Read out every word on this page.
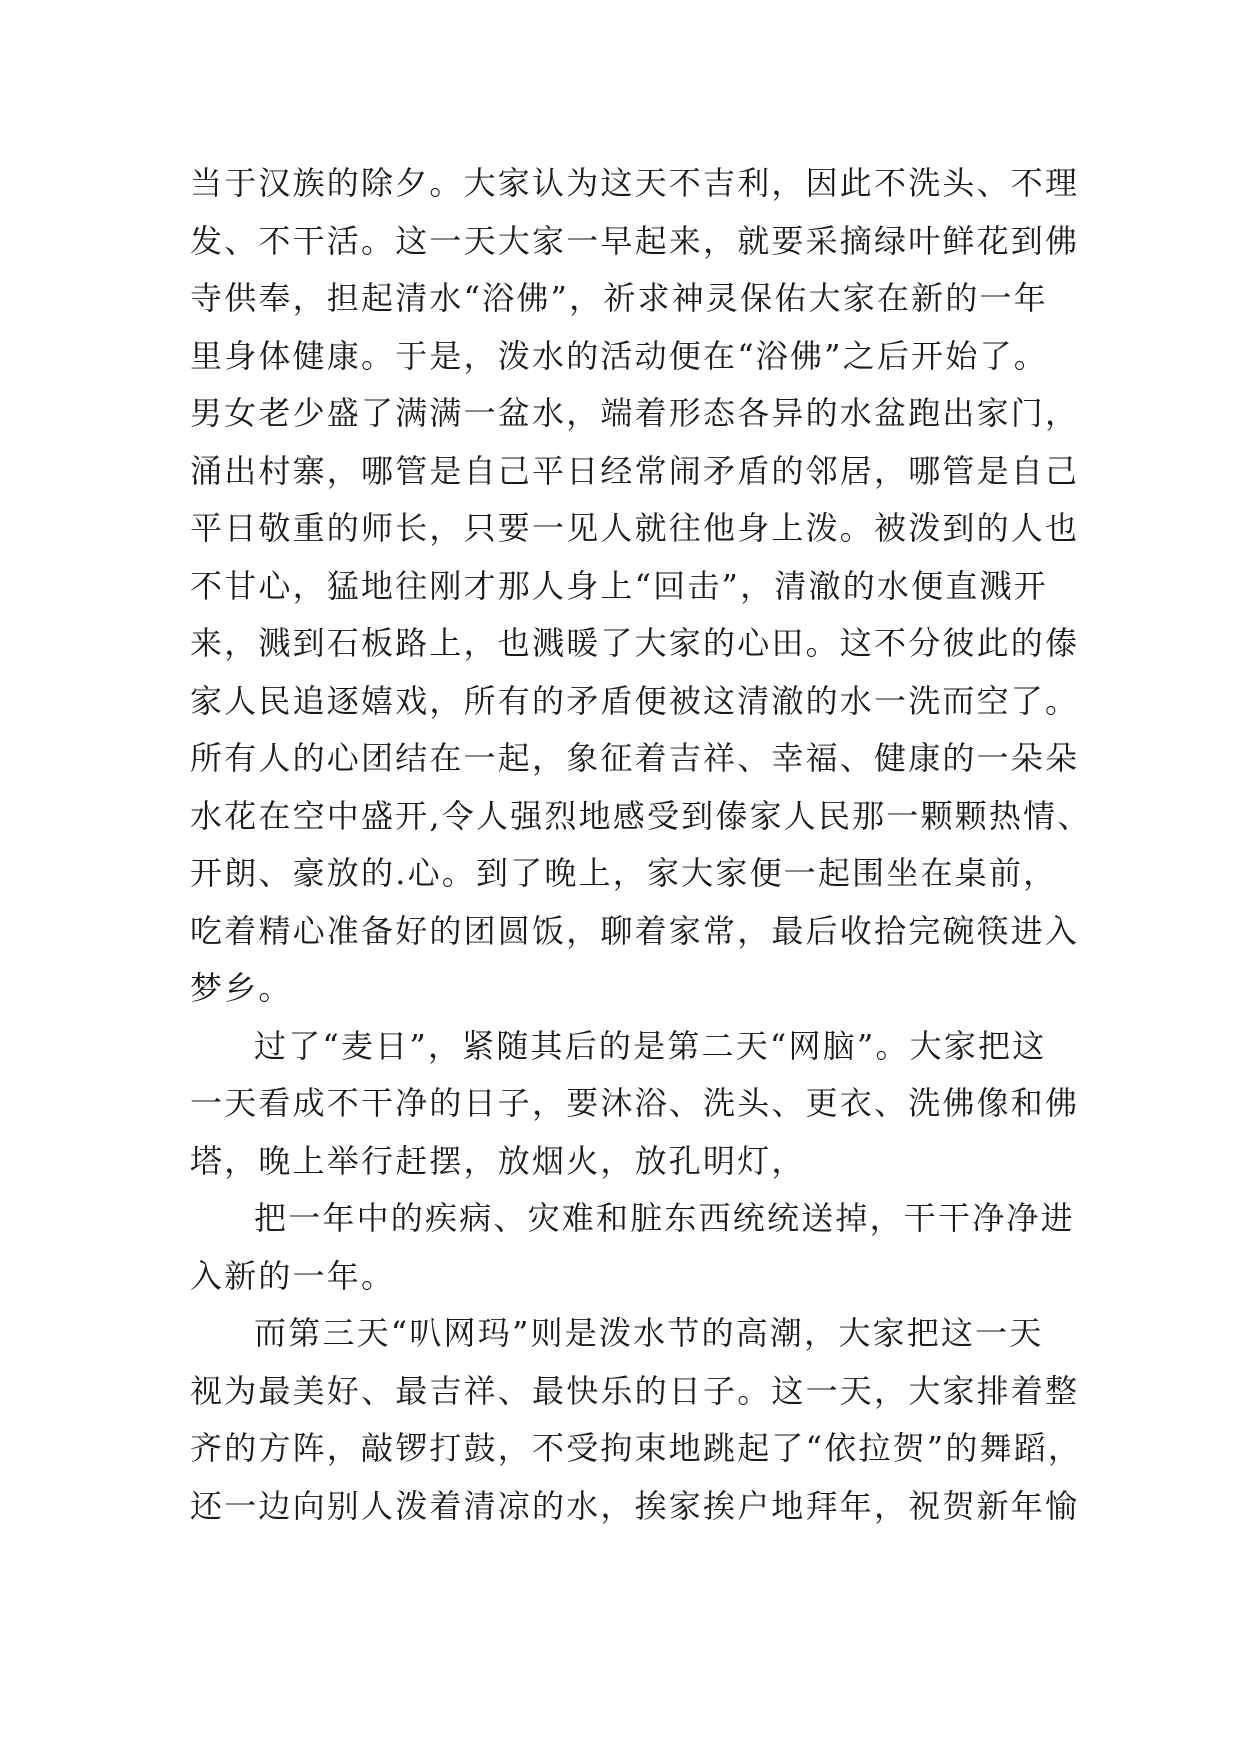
当于汉族的除夕。大家认为这天不吉利，因此不洗头、不理
发、不干活。这一天大家一早起来，就要采摘绿叶鲜花到佛
寺供奉，担起清水“浴佛”，祈求神灵保佑大家在新的一年
里身体健康。于是，泼水的活动便在“浴佛”之后开始了。
男女老少盛了满满一盆水，端着形态各异的水盆跑出家门，
涌出村寨，哪管是自己平日经常闹矛盾的邻居，哪管是自己
平日敬重的师长，只要一见人就往他身上泼。被泼到的人也
不甘心，猛地往刚才那人身上“回击”，清澈的水便直溅开
来，溅到石板路上，也溅暖了大家的心田。这不分彼此的傣
家人民追逐嬉戏，所有的矛盾便被这清澈的水一洗而空了。
所有人的心团结在一起，象征着吉祥、幸福、健康的一朵朵
水花在空中盛开,令人强烈地感受到傣家人民那一颗颗热情、
开朗、豪放的.心。到了晚上，家大家便一起围坐在桌前，
吃着精心准备好的团圆饭，聊着家常，最后收拾完碗筷进入
梦乡。
过了“麦日”，紧随其后的是第二天“网脑”。大家把这
一天看成不干净的日子，要沐浴、洗头、更衣、洗佛像和佛
塔，晚上举行赶摆，放烟火，放孔明灯，
把一年中的疾病、灾难和脏东西统统送掉，干干净净进
入新的一年。
而第三天“叭网玛”则是泼水节的高潮，大家把这一天
视为最美好、最吉祥、最快乐的日子。这一天，大家排着整
齐的方阵，敲锣打鼓，不受拘束地跳起了“依拉贺”的舞蹈，
还一边向别人泼着清凉的水，挨家挨户地拜年，祝贺新年愉
